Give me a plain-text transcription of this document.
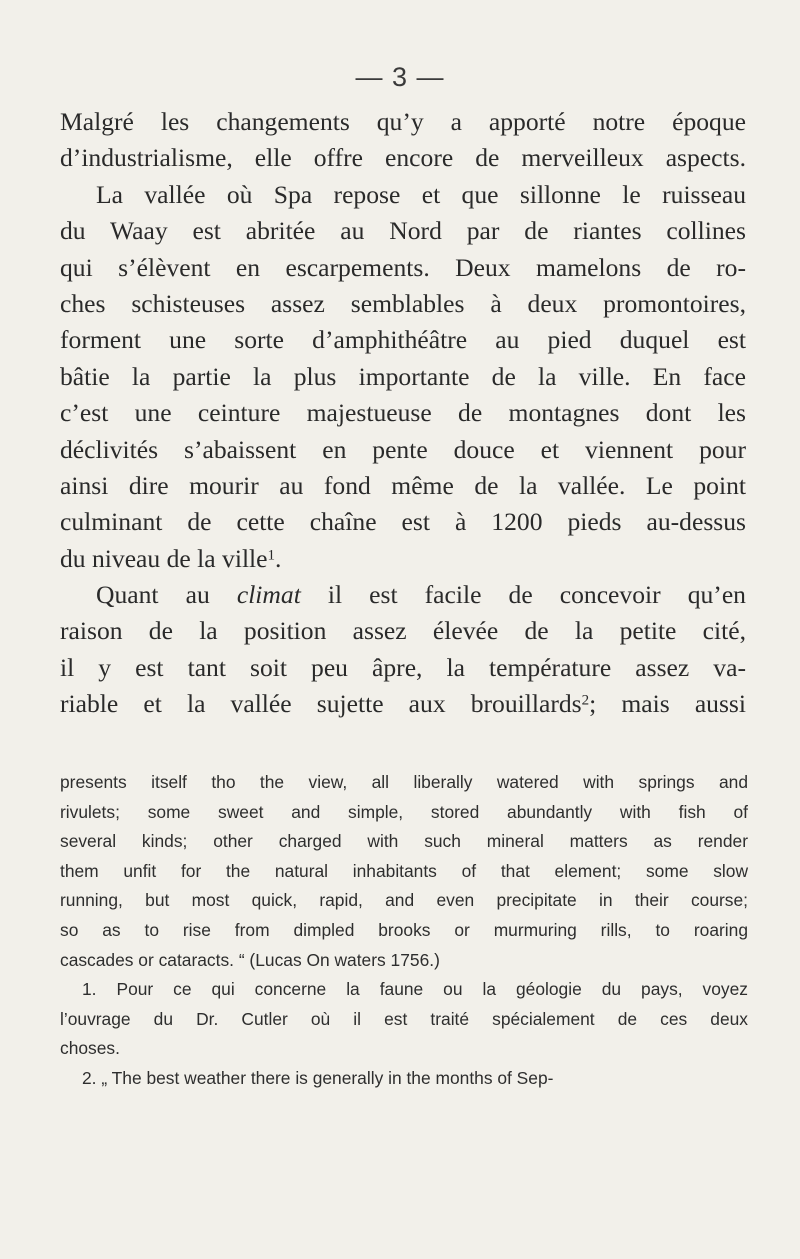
— 3 —
Malgré les changements qu’y a apporté notre époque
d’industrialisme, elle offre encore de merveilleux aspects.
La vallée où Spa repose et que sillonne le ruisseau
du Waay est abritée au Nord par de riantes collines
qui s’élèvent en escarpements. Deux mamelons de ro-
ches schisteuses assez semblables à deux promontoires,
forment une sorte d’amphithéâtre au pied duquel est
bâtie la partie la plus importante de la ville. En face
c’est une ceinture majestueuse de montagnes dont les
déclivités s’abaissent en pente douce et viennent pour
ainsi dire mourir au fond même de la vallée. Le point
culminant de cette chaîne est à 1200 pieds au-dessus
du niveau de la ville$^1$.
Quant au climat il est facile de concevoir qu’en
raison de la position assez élevée de la petite cité,
il y est tant soit peu âpre, la température assez va-
riable et la vallée sujette aux brouillards$^2$; mais aussi
presents itself tho the view, all liberally watered with springs and
rivulets; some sweet and simple, stored abundantly with fish of
several kinds; other charged with such mineral matters as render
them unfit for the natural inhabitants of that element; some slow
running, but most quick, rapid, and even precipitate in their course;
so as to rise from dimpled brooks or murmuring rills, to roaring
cascades or cataracts. “ (Lucas On waters 1756.)
1. Pour ce qui concerne la faune ou la géologie du pays, voyez
l’ouvrage du Dr. Cutler où il est traité spécialement de ces deux
choses.
2. „ The best weather there is generally in the months of Sep-
